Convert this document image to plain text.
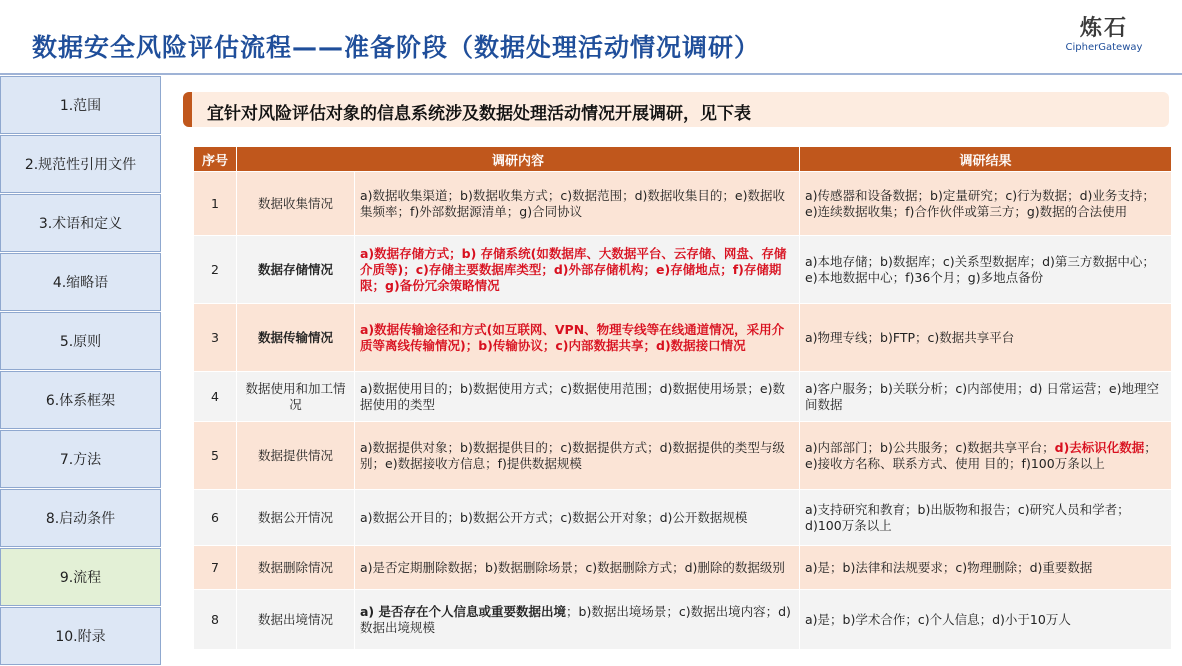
数据安全风险评估流程——准备阶段（数据处理活动情况调研）
炼石
CipherGateway
1.范围
2.规范性引用文件
3.术语和定义
4.缩略语
5.原则
6.体系框架
7.方法
8.启动条件
9.流程
10.附录
宜针对风险评估对象的信息系统涉及数据处理活动情况开展调研，见下表
序号	调研内容		调研结果
1	数据收集情况	a)数据收集渠道；b)数据收集方式；c)数据范围；d)数据收集目的；e)数据收集频率；f)外部数据源清单；g)合同协议	a)传感器和设备数据；b)定量研究；c)行为数据；d)业务支持；e)连续数据收集；f)合作伙伴或第三方；g)数据的合法使用
2	数据存储情况	a)数据存储方式；b) 存储系统(如数据库、大数据平台、云存储、网盘、存储介质等)；c)存储主要数据库类型；d)外部存储机构；e)存储地点；f)存储期限；g)备份冗余策略情况	a)本地存储；b)数据库；c)关系型数据库；d)第三方数据中心；e)本地数据中心；f)36个月；g)多地点备份
3	数据传输情况	a)数据传输途径和方式(如互联网、VPN、物理专线等在线通道情况，采用介质等离线传输情况)；b)传输协议；c)内部数据共享；d)数据接口情况	a)物理专线；b)FTP；c)数据共享平台
4	数据使用和加工情况	a)数据使用目的；b)数据使用方式；c)数据使用范围；d)数据使用场景；e)数据使用的类型	a)客户服务；b)关联分析；c)内部使用；d) 日常运营；e)地理空间数据
5	数据提供情况	a)数据提供对象；b)数据提供目的；c)数据提供方式；d)数据提供的类型与级别；e)数据接收方信息；f)提供数据规模	a)内部部门；b)公共服务；c)数据共享平台；d)去标识化数据；e)接收方名称、联系方式、使用 目的；f)100万条以上
6	数据公开情况	a)数据公开目的；b)数据公开方式；c)数据公开对象；d)公开数据规模	a)支持研究和教育；b)出版物和报告；c)研究人员和学者；d)100万条以上
7	数据删除情况	a)是否定期删除数据；b)数据删除场景；c)数据删除方式；d)删除的数据级别	a)是；b)法律和法规要求；c)物理删除；d)重要数据
8	数据出境情况	a) 是否存在个人信息或重要数据出境；b)数据出境场景；c)数据出境内容；d) 数据出境规模	a)是；b)学术合作；c)个人信息；d)小于10万人
